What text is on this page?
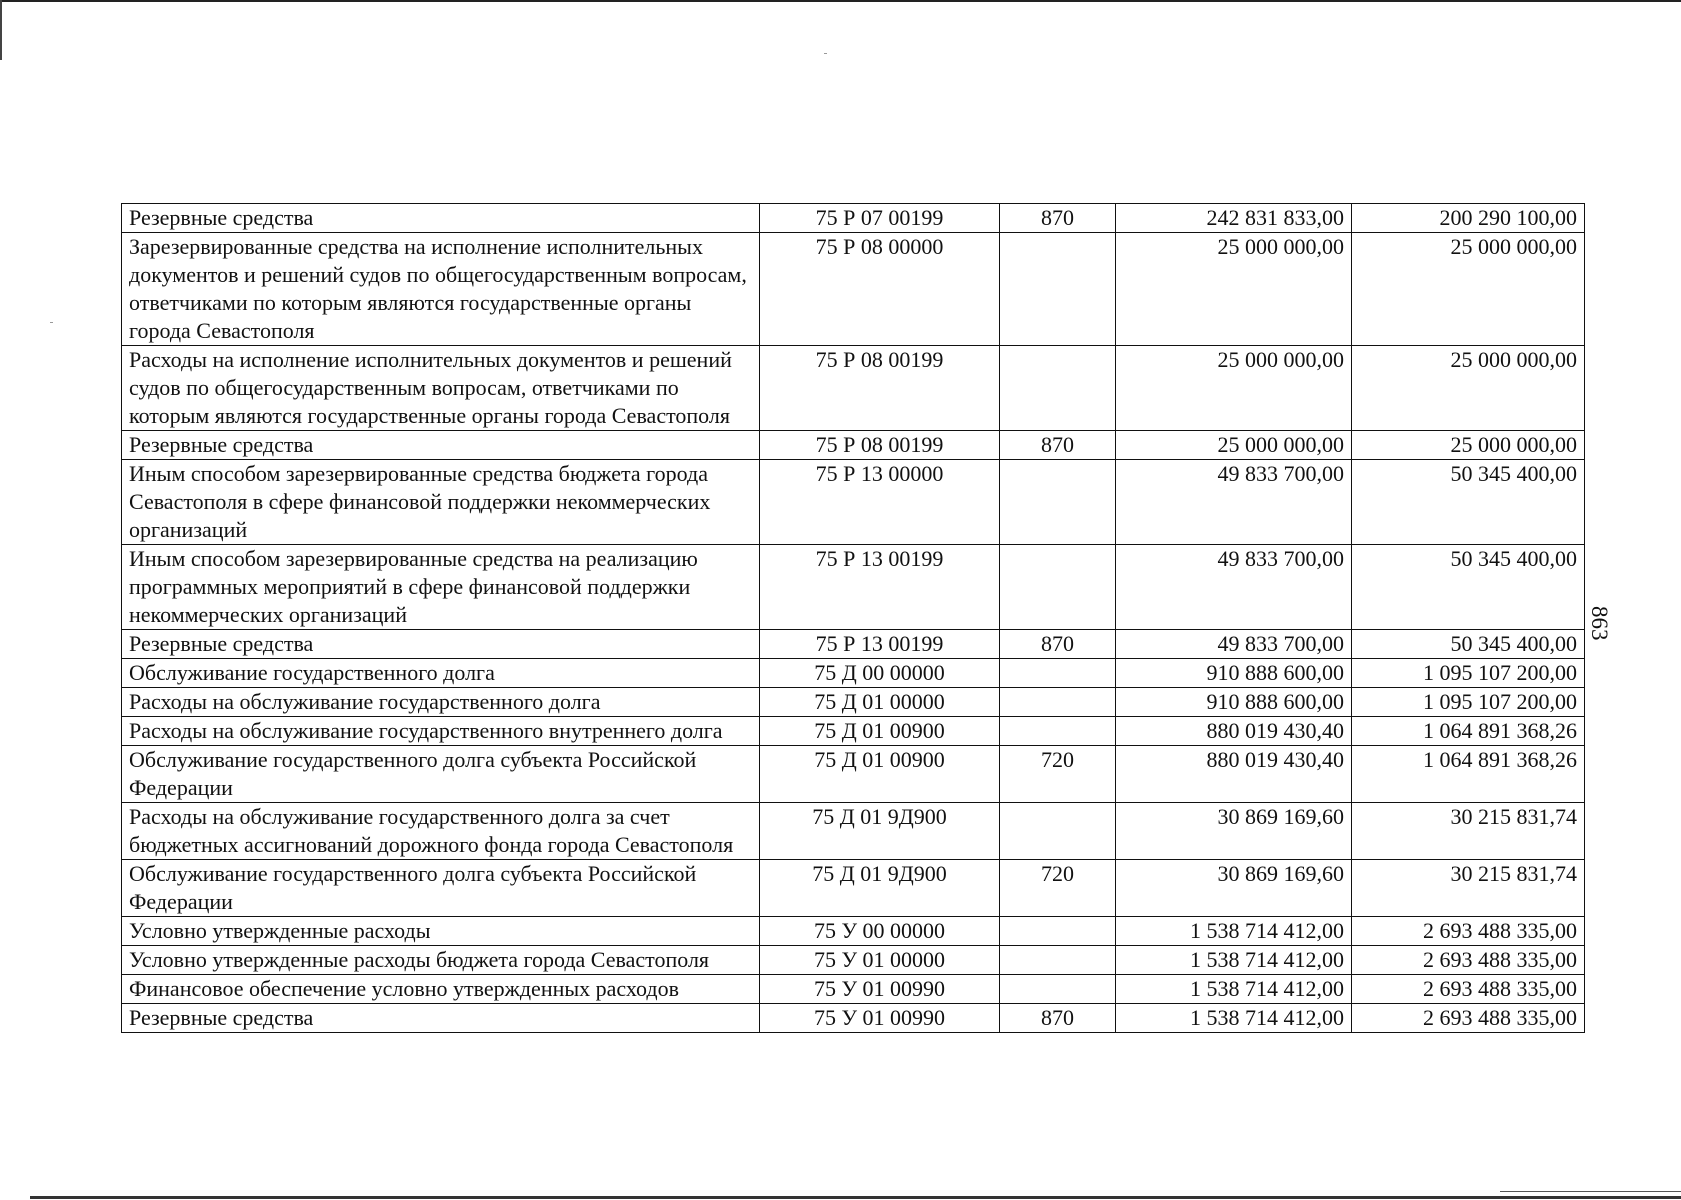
863
Резервные средства	75 Р 07 00199	870	242 831 833,00	200 290 100,00
Зарезервированные средства на исполнение исполнительных документов и решений судов по общегосударственным вопросам, ответчиками по которым являются государственные органы города Севастополя	75 Р 08 00000		25 000 000,00	25 000 000,00
Расходы на исполнение исполнительных документов и решений судов по общегосударственным вопросам, ответчиками по которым являются государственные органы города Севастополя	75 Р 08 00199		25 000 000,00	25 000 000,00
Резервные средства	75 Р 08 00199	870	25 000 000,00	25 000 000,00
Иным способом зарезервированные средства бюджета города Севастополя в сфере финансовой поддержки некоммерческих организаций	75 Р 13 00000		49 833 700,00	50 345 400,00
Иным способом зарезервированные средства на реализацию программных мероприятий в сфере финансовой поддержки некоммерческих организаций	75 Р 13 00199		49 833 700,00	50 345 400,00
Резервные средства	75 Р 13 00199	870	49 833 700,00	50 345 400,00
Обслуживание государственного долга	75 Д 00 00000		910 888 600,00	1 095 107 200,00
Расходы на обслуживание государственного долга	75 Д 01 00000		910 888 600,00	1 095 107 200,00
Расходы на обслуживание государственного внутреннего долга	75 Д 01 00900		880 019 430,40	1 064 891 368,26
Обслуживание государственного долга субъекта Российской Федерации	75 Д 01 00900	720	880 019 430,40	1 064 891 368,26
Расходы на обслуживание государственного долга за счет бюджетных ассигнований дорожного фонда города Севастополя	75 Д 01 9Д900		30 869 169,60	30 215 831,74
Обслуживание государственного долга субъекта Российской Федерации	75 Д 01 9Д900	720	30 869 169,60	30 215 831,74
Условно утвержденные расходы	75 У 00 00000		1 538 714 412,00	2 693 488 335,00
Условно утвержденные расходы бюджета города Севастополя	75 У 01 00000		1 538 714 412,00	2 693 488 335,00
Финансовое обеспечение условно утвержденных расходов	75 У 01 00990		1 538 714 412,00	2 693 488 335,00
Резервные средства	75 У 01 00990	870	1 538 714 412,00	2 693 488 335,00
